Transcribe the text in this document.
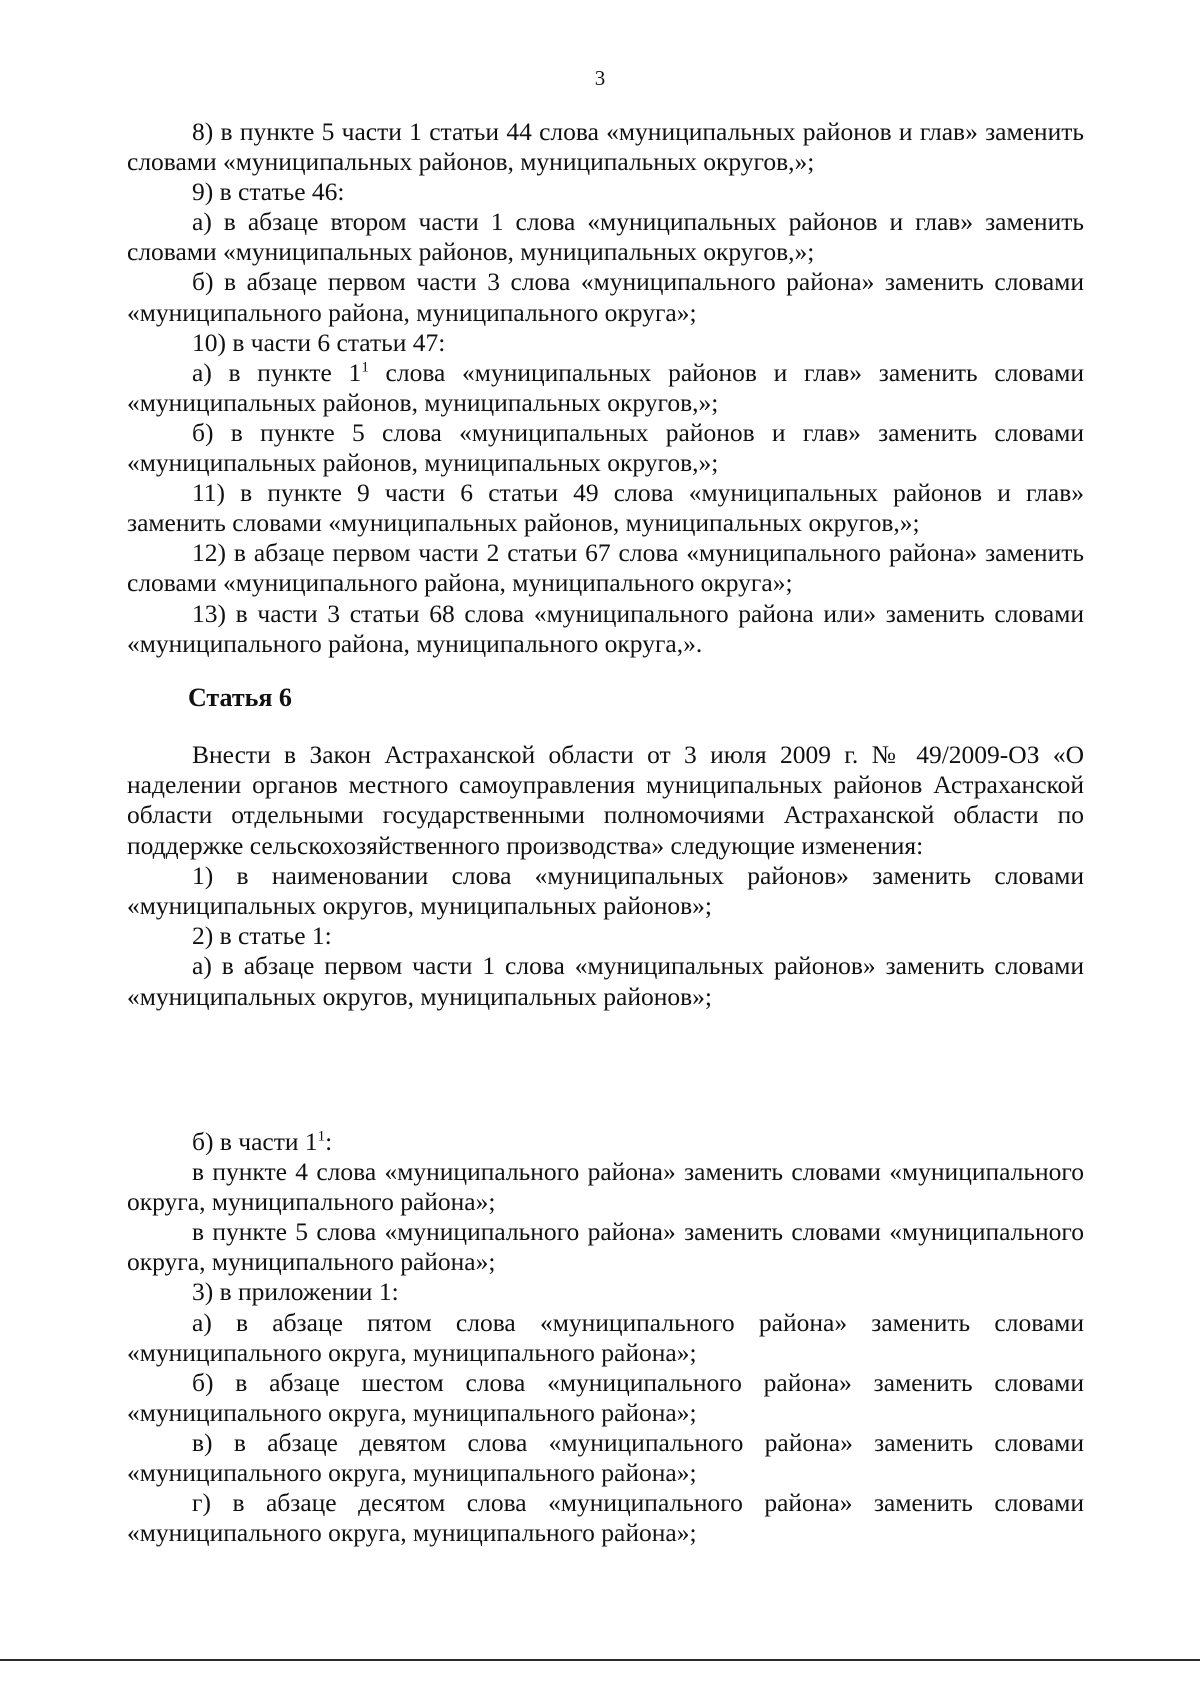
3

8) в пункте 5 части 1 статьи 44 слова «муниципальных районов и глав» заменить словами «муниципальных районов, муниципальных округов,»;

9) в статье 46:

а) в абзаце втором части 1 слова «муниципальных районов и глав» заменить словами «муниципальных районов, муниципальных округов,»;

б) в абзаце первом части 3 слова «муниципального района» заменить словами «муниципального района, муниципального округа»;

10) в части 6 статьи 47:

а) в пункте $1^1$ слова «муниципальных районов и глав» заменить словами «муниципальных районов, муниципальных округов,»;

б) в пункте 5 слова «муниципальных районов и глав» заменить словами «муниципальных районов, муниципальных округов,»;

11) в пункте 9 части 6 статьи 49 слова «муниципальных районов и глав» заменить словами «муниципальных районов, муниципальных округов,»;

12) в абзаце первом части 2 статьи 67 слова «муниципального района» заменить словами «муниципального района, муниципального округа»;

13) в части 3 статьи 68 слова «муниципального района или» заменить словами «муниципального района, муниципального округа,».

Статья 6

Внести в Закон Астраханской области от 3 июля 2009 г. № 49/2009-ОЗ «О наделении органов местного самоуправления муниципальных районов Астраханской области отдельными государственными полномочиями Астраханской области по поддержке сельскохозяйственного производства» следующие изменения:

1) в наименовании слова «муниципальных районов» заменить словами «муниципальных округов, муниципальных районов»;

2) в статье 1:

а) в абзаце первом части 1 слова «муниципальных районов» заменить словами «муниципальных округов, муниципальных районов»;

б) в части $1^1$:

в пункте 4 слова «муниципального района» заменить словами «муниципального округа, муниципального района»;

в пункте 5 слова «муниципального района» заменить словами «муниципального округа, муниципального района»;

3) в приложении 1:

а) в абзаце пятом слова «муниципального района» заменить словами «муниципального округа, муниципального района»;

б) в абзаце шестом слова «муниципального района» заменить словами «муниципального округа, муниципального района»;

в) в абзаце девятом слова «муниципального района» заменить словами «муниципального округа, муниципального района»;

г) в абзаце десятом слова «муниципального района» заменить словами «муниципального округа, муниципального района»;
